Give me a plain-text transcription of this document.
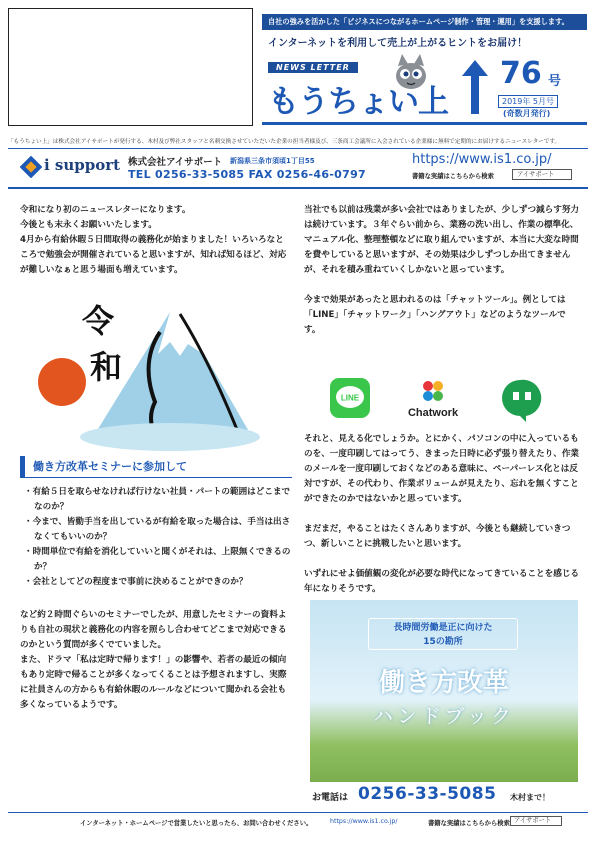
自社の強みを活かした「ビジネスにつながるホームページ制作・管理・運用」を支援します。
インターネットを利用して売上が上がるヒントをお届け！
NEWS LETTER
もうちょい上
76 号
2019年 5月号
(奇数月発行)
「もうちょい上」は株式会社アイサポートが発行する、木村及び弊社スタッフと名刺交換させていただいた企業の担当者様及び、三条商工会議所に入会されている企業様に無料で定期的にお届けするニュースレターです。
i support 株式会社アイサポート 新潟県三条市須頃1丁目55
TEL 0256-33-5085 FAX 0256-46-0797
https://www.is1.co.jp/
書籍な実績はこちらから検索	アイサポート
令和になり初のニュースレターになります。
今後とも末永くお願いいたします。
4月から有給休暇５日間取得の義務化が始まりました！いろいろなところで勉強会が開催されていると思いますが、知れば知るほど、対応が難しいなぁと思う場面も増えています。
令
和
働き方改革セミナーに参加して
・有給５日を取らせなければ行けない社員・パートの範囲はどこまでなのか？
・今まで、皆勤手当を出しているが有給を取った場合は、手当は出さなくてもいいのか？
・時間単位で有給を消化していいと聞くがそれは、上限無くできるのか？
・会社としてどの程度まで事前に決めることができのか？

など約２時間ぐらいのセミナーでしたが、用意したセミナーの資料よりも自社の現状と義務化の内容を照らし合わせてどこまで対応できるのかという質問が多くでていました。

また、ドラマ「私は定時で帰ります！」の影響や、若者の最近の傾向もあり定時で帰ることが多くなってくることは予想されますし、実際に社員さんの方からも有給休暇のルールなどについて聞かれる会社も多くなっているようです。

当社でも以前は残業が多い会社ではありましたが、少しずつ減らす努力は続けています。３年ぐらい前から、業務の洗い出し、作業の標準化、マニュアル化、整理整頓などに取り組んでいますが、本当に大変な時間を費やしていると思いますが、その効果は少しずつしか出てきませんが、それを積み重ねていくしかないと思っています。

今まで効果があったと思われるのは「チャットツール」。例としては「LINE」「チャットワーク」「ハングアウト」などのようなツールです。

LINE
Chatwork

それと、見える化でしょうか。とにかく、パソコンの中に入っているものを、一度印刷してはってう、きまった日時に必ず張り替えたり、作業のメールを一度印刷しておくなどのある意味に、ペーパーレス化とは反対ですが、その代わり、作業ボリュームが見えたり、忘れを無くすことができたのかではないかと思っています。

まだまだ，やることはたくさんありますが、今後とも継続していきつつ、新しいことに挑戦したいと思います。

いずれにせよ価値観の変化が必要な時代になってきていることを感じる年になりそうです。

長時間労働是正に向けた
15の勘所
働き方改革
ハンドブック
お電話は 0256-33-5085 木村まで！
インターネット・ホームページで営業したいと思ったら、お問い合わせください。	https://www.is1.co.jp/	書籍な実績はこちらから検索 アイサポート
